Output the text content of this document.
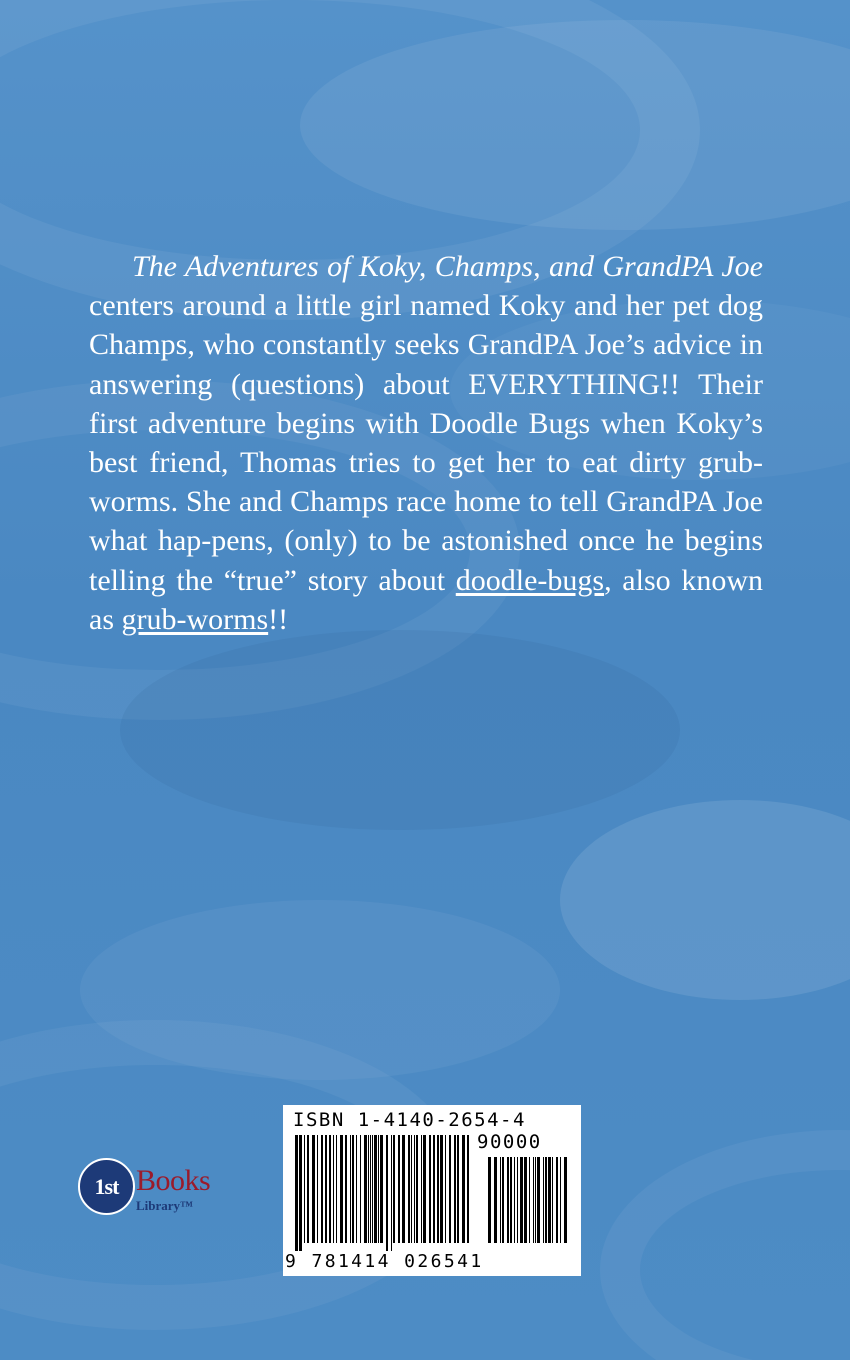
The Adventures of Koky, Champs, and GrandPA Joe centers around a little girl named Koky and her pet dog Champs, who constantly seeks GrandPA Joe’s advice in answering (questions) about EVERYTHING!! Their first adventure begins with Doodle Bugs when Koky’s best friend, Thomas tries to get her to eat dirty grub-worms. She and Champs race home to tell GrandPA Joe what hap-pens, (only) to be astonished once he begins telling the “true” story about doodle-bugs, also known as grub-worms!!

1st Books
Library™

ISBN 1-4140-2654-4

90000

9 781414 026541
